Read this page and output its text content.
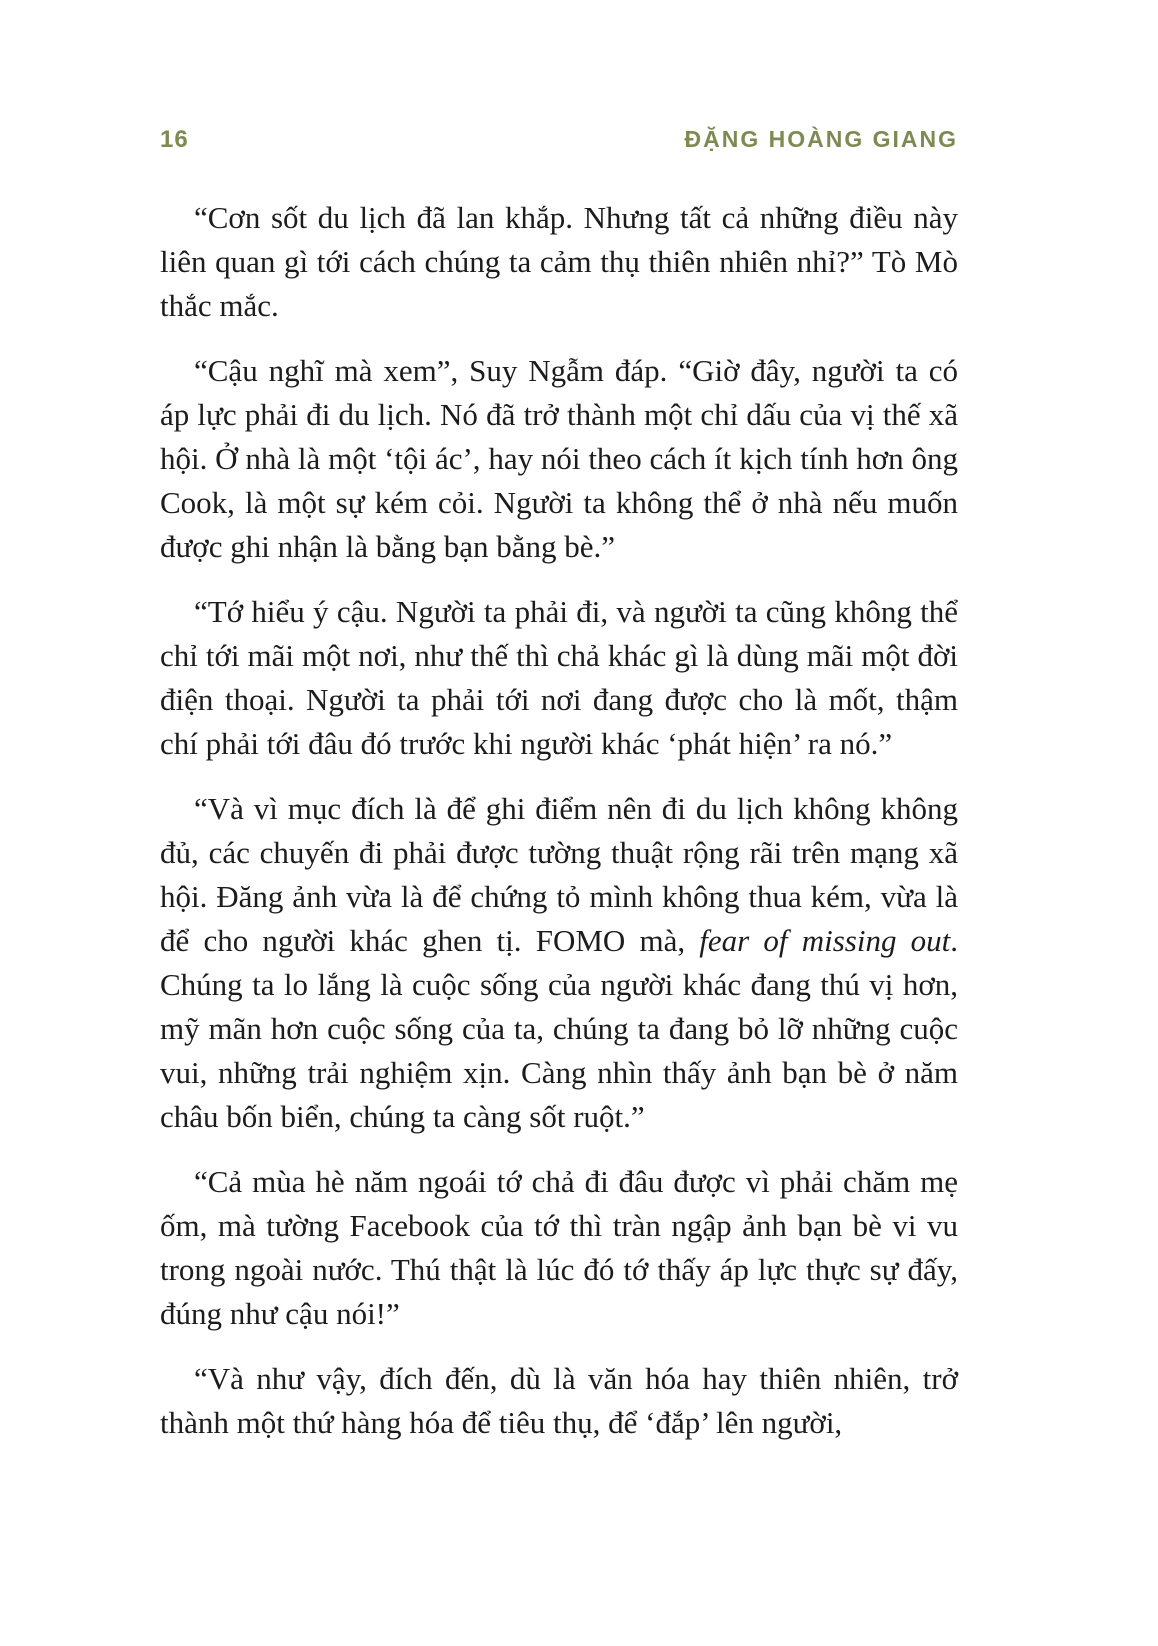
16	ĐẶNG HOÀNG GIANG

“Cơn sốt du lịch đã lan khắp. Nhưng tất cả những điều này liên quan gì tới cách chúng ta cảm thụ thiên nhiên nhỉ?” Tò Mò thắc mắc.

“Cậu nghĩ mà xem”, Suy Ngẫm đáp. “Giờ đây, người ta có áp lực phải đi du lịch. Nó đã trở thành một chỉ dấu của vị thế xã hội. Ở nhà là một ‘tội ác’, hay nói theo cách ít kịch tính hơn ông Cook, là một sự kém cỏi. Người ta không thể ở nhà nếu muốn được ghi nhận là bằng bạn bằng bè.”

“Tớ hiểu ý cậu. Người ta phải đi, và người ta cũng không thể chỉ tới mãi một nơi, như thế thì chả khác gì là dùng mãi một đời điện thoại. Người ta phải tới nơi đang được cho là mốt, thậm chí phải tới đâu đó trước khi người khác ‘phát hiện’ ra nó.”

“Và vì mục đích là để ghi điểm nên đi du lịch không không đủ, các chuyến đi phải được tường thuật rộng rãi trên mạng xã hội. Đăng ảnh vừa là để chứng tỏ mình không thua kém, vừa là để cho người khác ghen tị. FOMO mà, fear of missing out. Chúng ta lo lắng là cuộc sống của người khác đang thú vị hơn, mỹ mãn hơn cuộc sống của ta, chúng ta đang bỏ lỡ những cuộc vui, những trải nghiệm xịn. Càng nhìn thấy ảnh bạn bè ở năm châu bốn biển, chúng ta càng sốt ruột.”

“Cả mùa hè năm ngoái tớ chả đi đâu được vì phải chăm mẹ ốm, mà tường Facebook của tớ thì tràn ngập ảnh bạn bè vi vu trong ngoài nước. Thú thật là lúc đó tớ thấy áp lực thực sự đấy, đúng như cậu nói!”

“Và như vậy, đích đến, dù là văn hóa hay thiên nhiên, trở thành một thứ hàng hóa để tiêu thụ, để ‘đắp’ lên người,
